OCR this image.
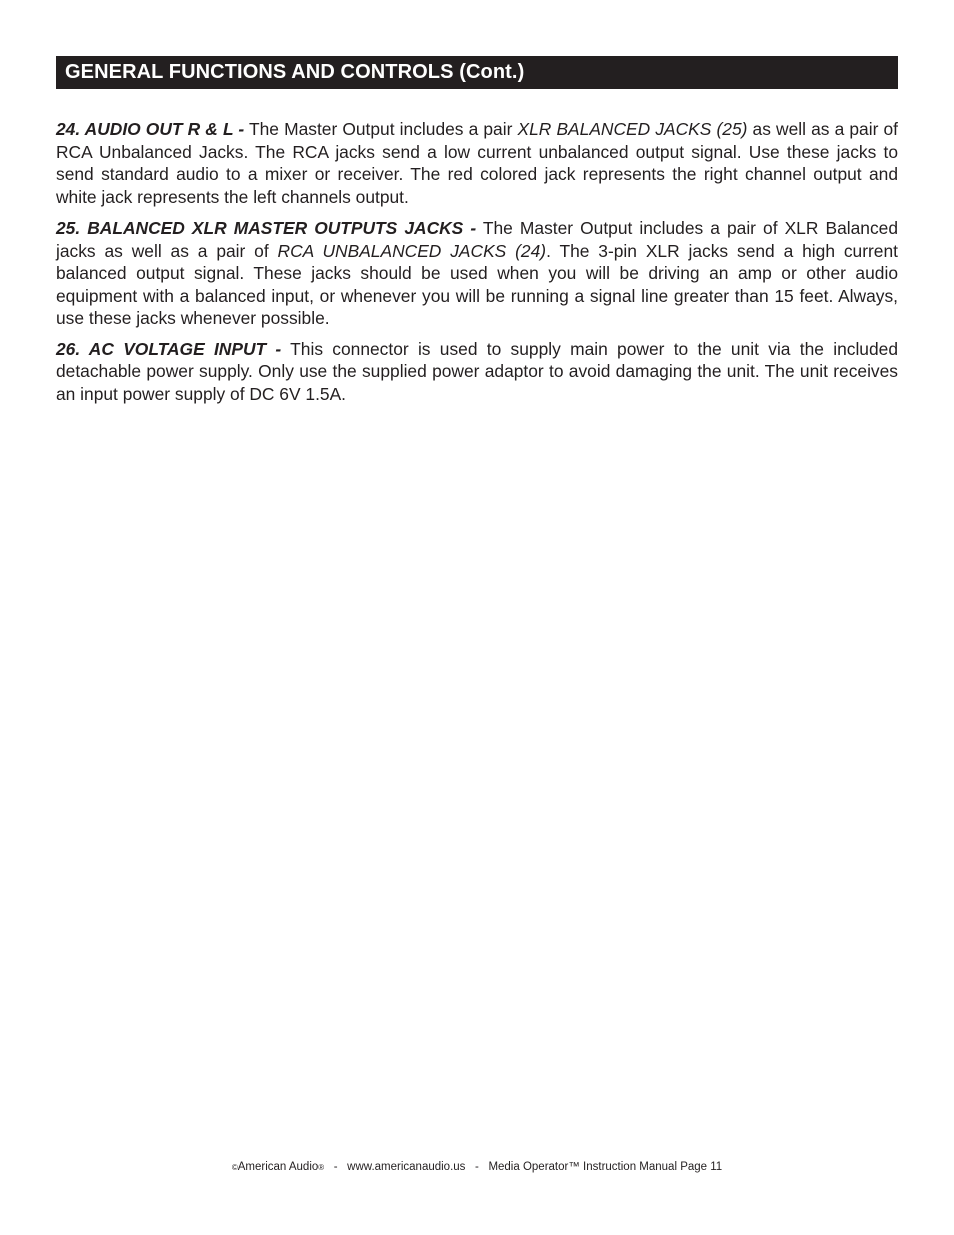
GENERAL FUNCTIONS AND CONTROLS (Cont.)

24. AUDIO OUT R & L - The Master Output includes a pair XLR BALANCED JACKS (25) as well as a pair of RCA Unbalanced Jacks. The RCA jacks send a low current unbalanced output signal. Use these jacks to send standard audio to a mixer or receiver. The red colored jack represents the right channel output and white jack represents the left channels output.

25. BALANCED XLR MASTER OUTPUTS JACKS - The Master Output includes a pair of XLR Balanced jacks as well as a pair of RCA UNBALANCED JACKS (24). The 3-pin XLR jacks send a high current balanced output signal. These jacks should be used when you will be driving an amp or other audio equipment with a balanced input, or whenever you will be running a signal line greater than 15 feet. Always, use these jacks whenever possible.

26. AC VOLTAGE INPUT - This connector is used to supply main power to the unit via the included detachable power supply. Only use the supplied power adaptor to avoid damaging the unit. The unit receives an input power supply of DC 6V 1.5A.

©American Audio®   -   www.americanaudio.us   -   Media Operator™ Instruction Manual Page 11
